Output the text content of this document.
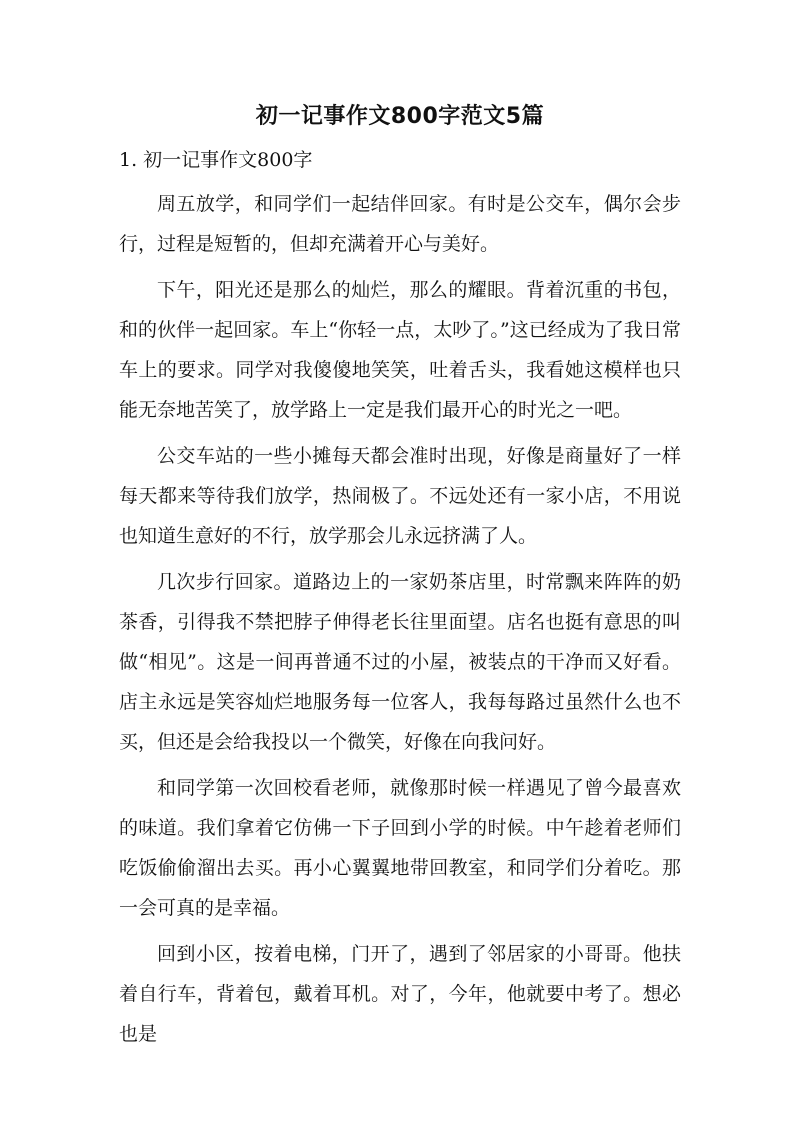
初一记事作文800字范文5篇
1. 初一记事作文800字

周五放学，和同学们一起结伴回家。有时是公交车，偶尔会步行，过程是短暂的，但却充满着开心与美好。

下午，阳光还是那么的灿烂，那么的耀眼。背着沉重的书包，和的伙伴一起回家。车上“你轻一点，太吵了。”这已经成为了我日常车上的要求。同学对我傻傻地笑笑，吐着舌头，我看她这模样也只能无奈地苦笑了，放学路上一定是我们最开心的时光之一吧。

公交车站的一些小摊每天都会准时出现，好像是商量好了一样每天都来等待我们放学，热闹极了。不远处还有一家小店，不用说也知道生意好的不行，放学那会儿永远挤满了人。

几次步行回家。道路边上的一家奶茶店里，时常飘来阵阵的奶茶香，引得我不禁把脖子伸得老长往里面望。店名也挺有意思的叫做“相见”。这是一间再普通不过的小屋，被装点的干净而又好看。店主永远是笑容灿烂地服务每一位客人，我每每路过虽然什么也不买，但还是会给我投以一个微笑，好像在向我问好。

和同学第一次回校看老师，就像那时候一样遇见了曾今最喜欢的味道。我们拿着它仿佛一下子回到小学的时候。中午趁着老师们吃饭偷偷溜出去买。再小心翼翼地带回教室，和同学们分着吃。那一会可真的是幸福。

回到小区，按着电梯，门开了，遇到了邻居家的小哥哥。他扶着自行车，背着包，戴着耳机。对了，今年，他就要中考了。想必也是
